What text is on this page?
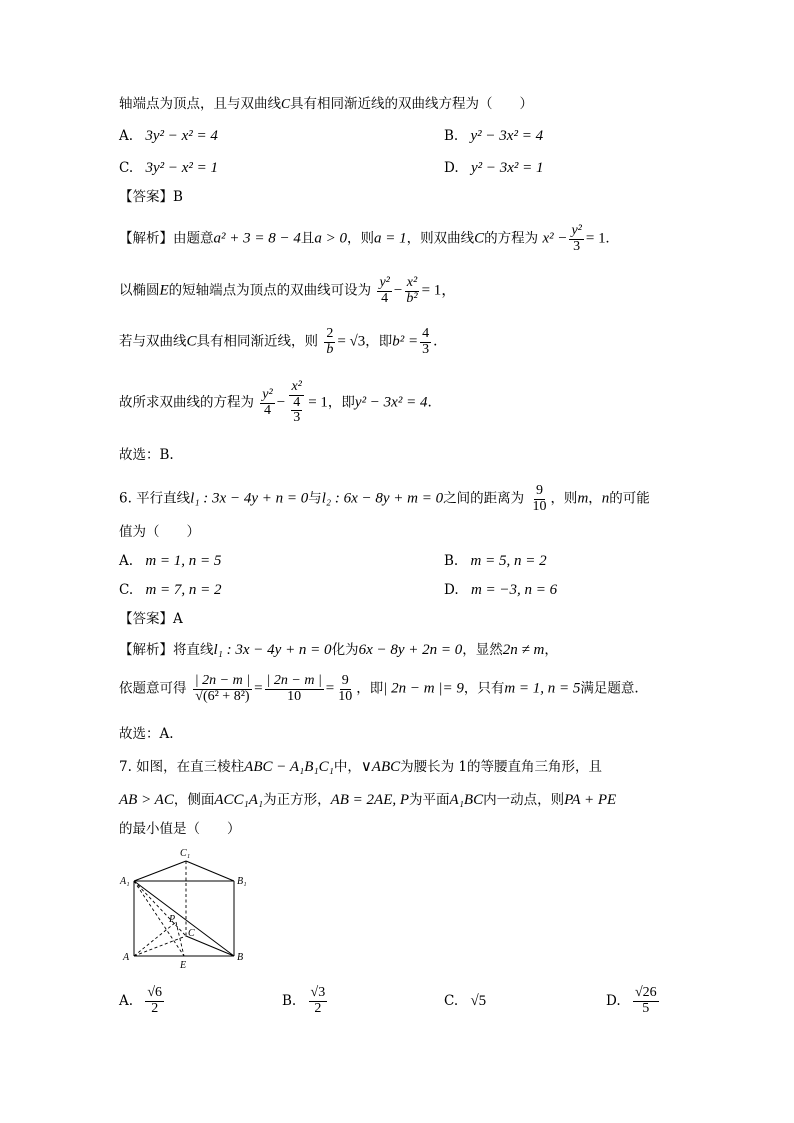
轴端点为顶点，且与双曲线C具有相同渐近线的双曲线方程为（　　）
A. 3y² − x² = 4	B. y² − 3x² = 4
C. 3y² − x² = 1	D. y² − 3x² = 1
【答案】B
【解析】由题意a² + 3 = 8 − 4且a > 0，则a = 1，则双曲线C的方程为 $x^2 - \frac{\text{y²}}{3} = 1$.
以椭圆E的短轴端点为顶点的双曲线可设为 $\frac{\text{y²}}{4} - \frac{\text{x²}}{\text{b²}} = 1$，
若与双曲线C具有相同渐近线，则 $\frac{2}{b} = √3$，即$b^2 = \frac{4}{3}$ .
故所求双曲线的方程为 $\frac{\text{y²}}{4} - \frac{\text{x²}}{\frac{4}{3}} = 1$，即y² − 3x² = 4.
故选：B.
6. 平行直线l₁ : 3x − 4y + n = 0与l₂ : 6x − 8y + m = 0之间的距离为 $\frac{9}{10}$ ，则m，n的可能
值为（　　）
A. m = 1, n = 5	B. m = 5, n = 2
C. m = 7, n = 2	D. m = −3, n = 6
【答案】A
【解析】将直线l₁ : 3x − 4y + n = 0化为6x − 8y + 2n = 0，显然2n ≠ m，
依题意可得 $\frac{| 2n - m |}{\text{√(6² + 8²)}} = \frac{| 2n - m |}{10} = \frac{9}{10}$ ，即| 2n − m |= 9，只有m = 1, n = 5满足题意.
故选：A.
7. 如图，在直三棱柱ABC − A₁B₁C₁中，∨ABC为腰长为 1的等腰直角三角形，且
AB > AC，侧面ACC₁A₁为正方形，AB = 2AE, P为平面A₁BC内一动点，则PA + PE
的最小值是（　　）
C₁
A₁	B₁
P
C
A
E
B
A. $\frac{√6}{2}$	B. $\frac{√3}{2}$	C. √5	D. $\frac{√26}{5}$
